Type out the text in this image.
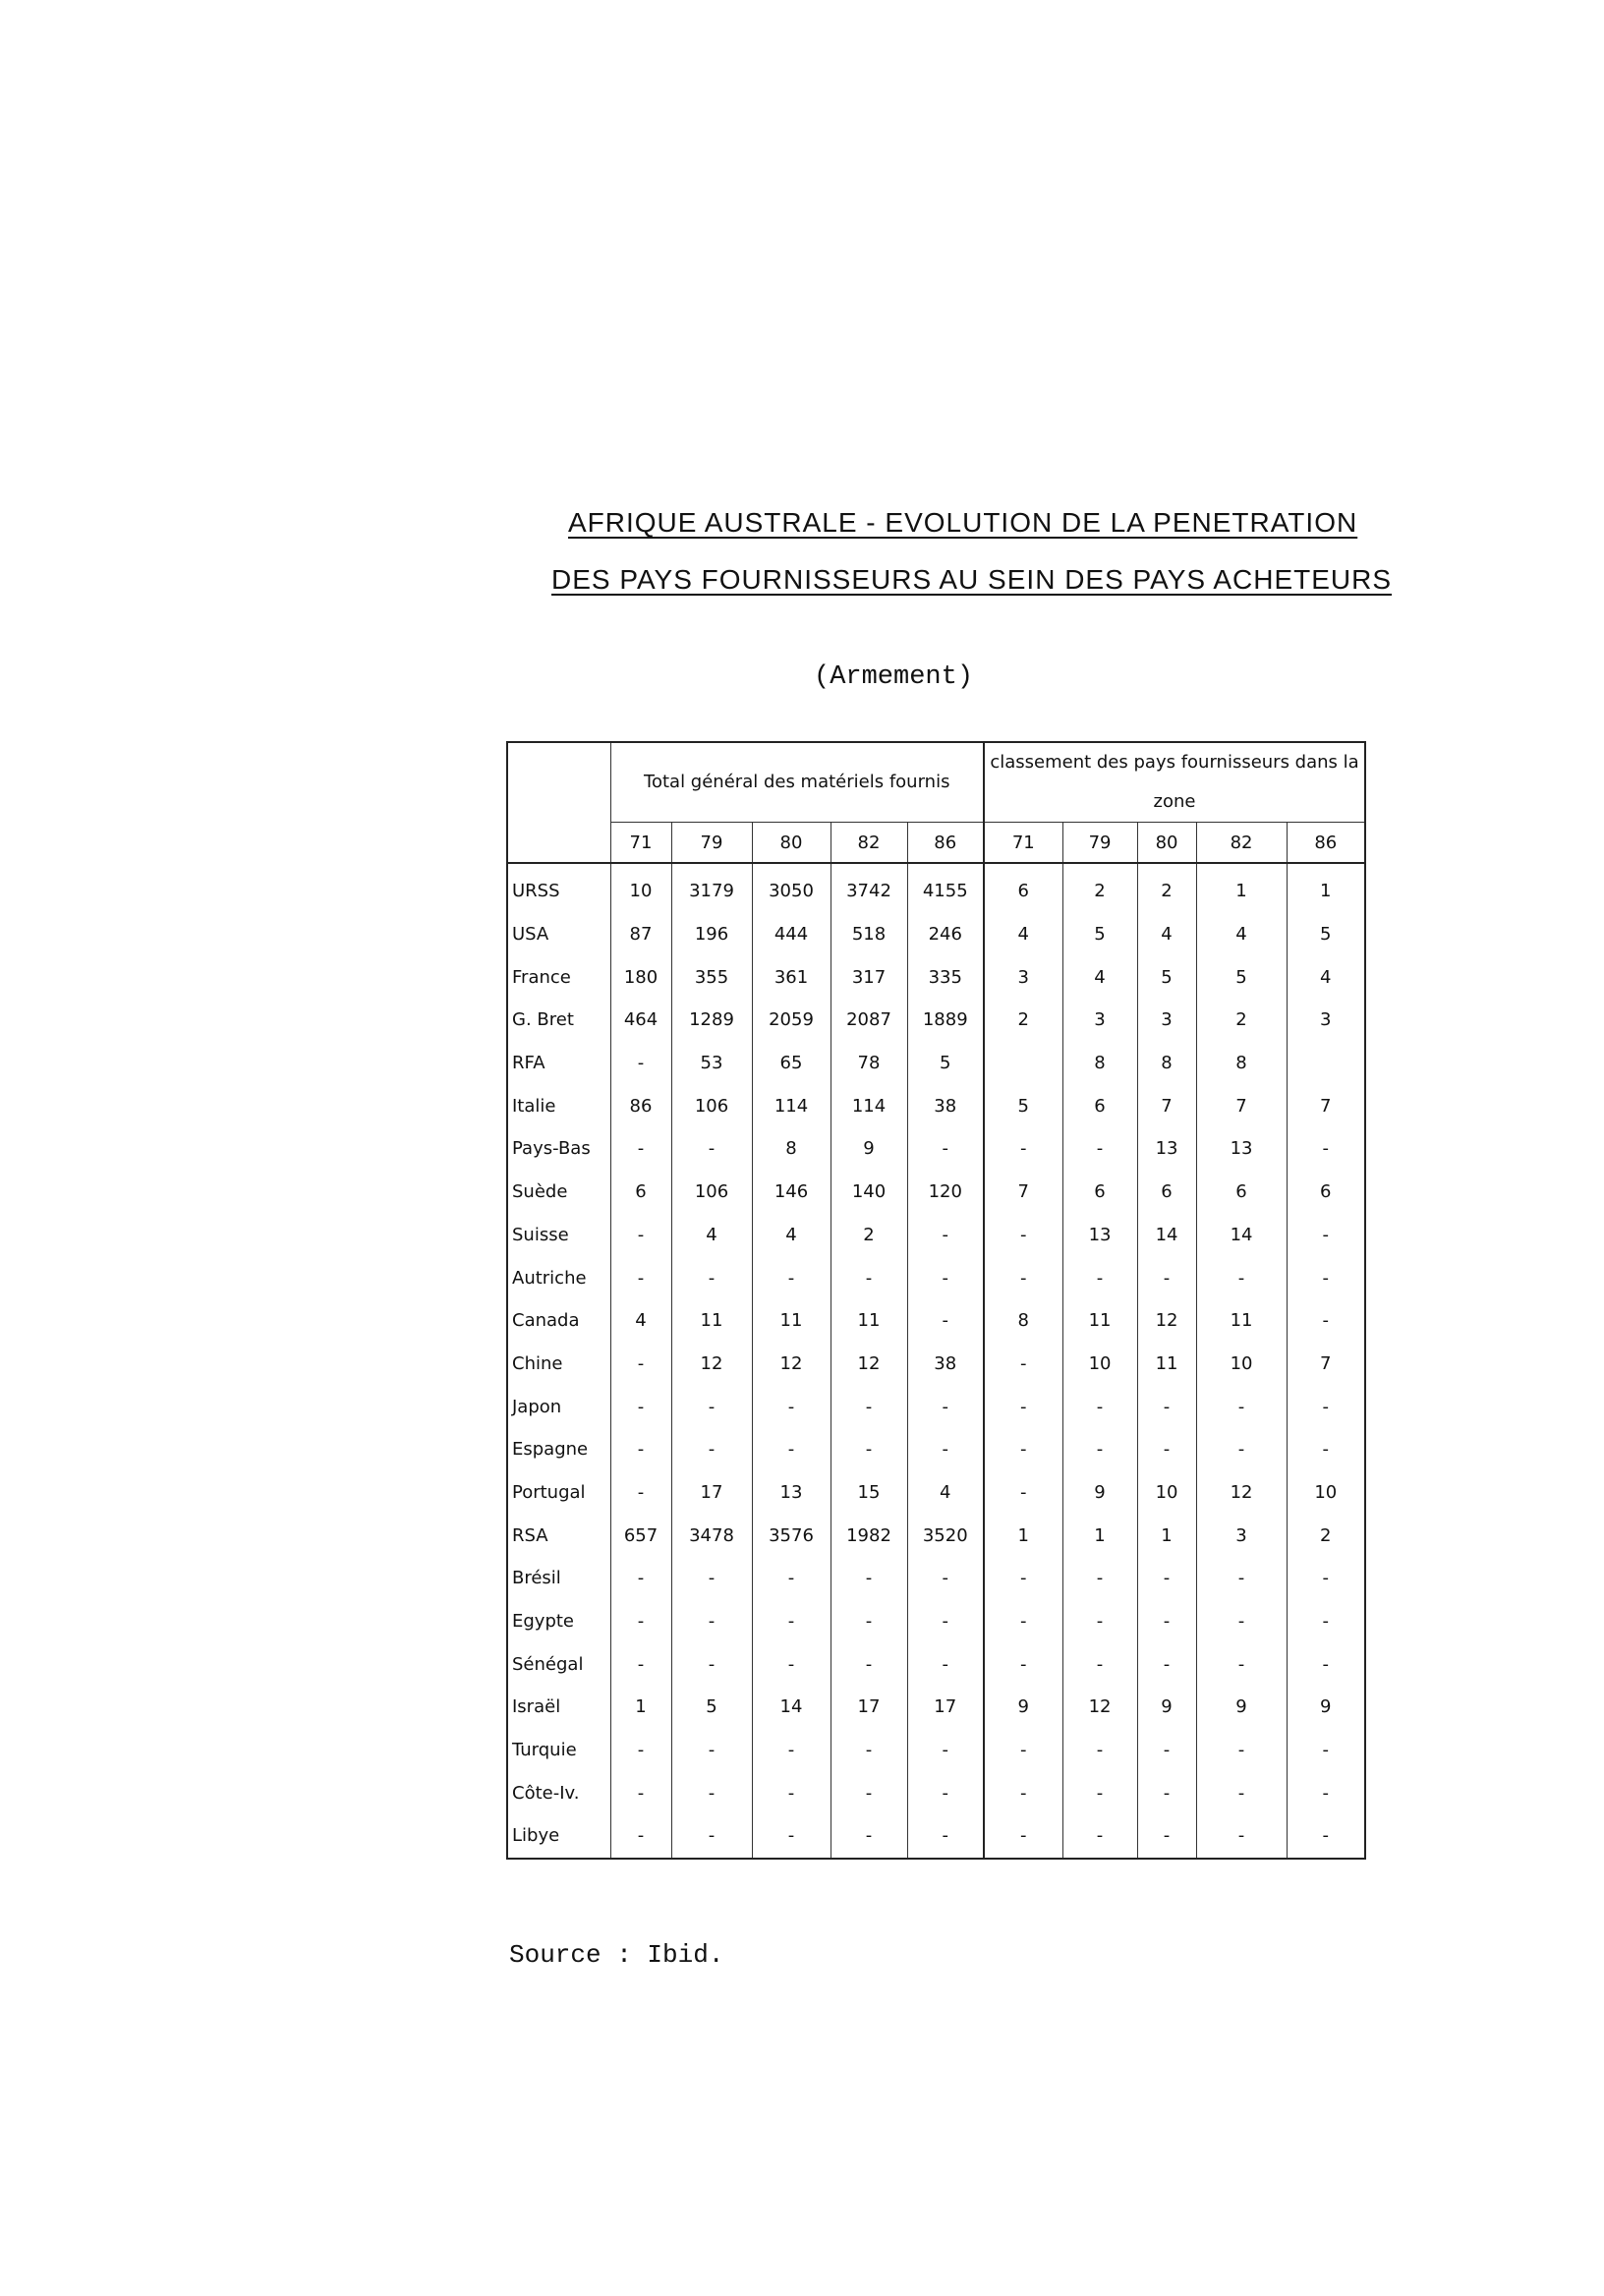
AFRIQUE AUSTRALE - EVOLUTION DE LA PENETRATION
DES PAYS FOURNISSEURS AU SEIN DES PAYS ACHETEURS
(Armement)
	Total général des matériels fournis					classement des pays fournisseurs dans la zone				
	71	79	80	82	86	71	79	80	82	86
URSS	10	3179	3050	3742	4155	6	2	2	1	1
USA	87	196	444	518	246	4	5	4	4	5
France	180	355	361	317	335	3	4	5	5	4
G. Bret	464	1289	2059	2087	1889	2	3	3	2	3
RFA	-	53	65	78	5		8	8	8	
Italie	86	106	114	114	38	5	6	7	7	7
Pays-Bas	-	-	8	9	-	-	-	13	13	-
Suède	6	106	146	140	120	7	6	6	6	6
Suisse	-	4	4	2	-	-	13	14	14	-
Autriche	-	-	-	-	-	-	-	-	-	-
Canada	4	11	11	11	-	8	11	12	11	-
Chine	-	12	12	12	38	-	10	11	10	7
Japon	-	-	-	-	-	-	-	-	-	-
Espagne	-	-	-	-	-	-	-	-	-	-
Portugal	-	17	13	15	4	-	9	10	12	10
RSA	657	3478	3576	1982	3520	1	1	1	3	2
Brésil	-	-	-	-	-	-	-	-	-	-
Egypte	-	-	-	-	-	-	-	-	-	-
Sénégal	-	-	-	-	-	-	-	-	-	-
Israël	1	5	14	17	17	9	12	9	9	9
Turquie	-	-	-	-	-	-	-	-	-	-
Côte-Iv.	-	-	-	-	-	-	-	-	-	-
Libye	-	-	-	-	-	-	-	-	-	-
Source : Ibid.
